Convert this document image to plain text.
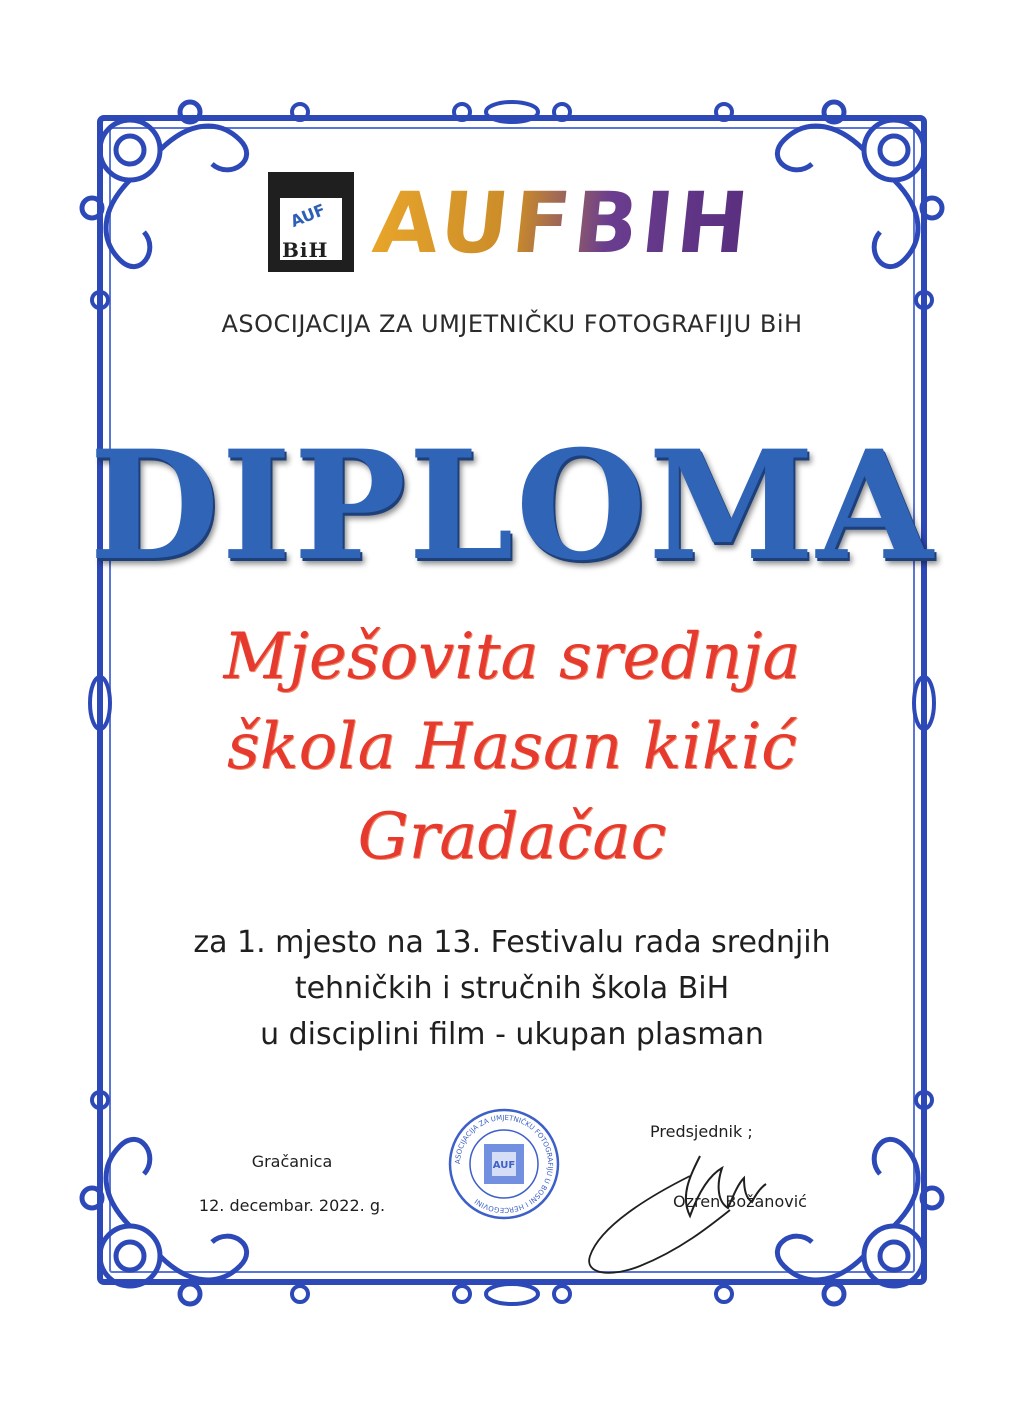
AUF
BiH AUFBIH
ASOCIJACIJA ZA UMJETNIČKU FOTOGRAFIJU BiH
DIPLOMA
Mješovita srednja
škola Hasan kikić
Gradačac
za 1. mjesto na 13. Festivalu rada srednjih
tehničkih i stručnih škola BiH
u disciplini film - ukupan plasman
Gračanica
12. decembar. 2022. g.
AUF
ASOCIJACIJA ZA UMJETNIČKU FOTOGRAFIJU U BOSNI I HERCEGOVINI
Predsjednik ;
Ozren Božanović
